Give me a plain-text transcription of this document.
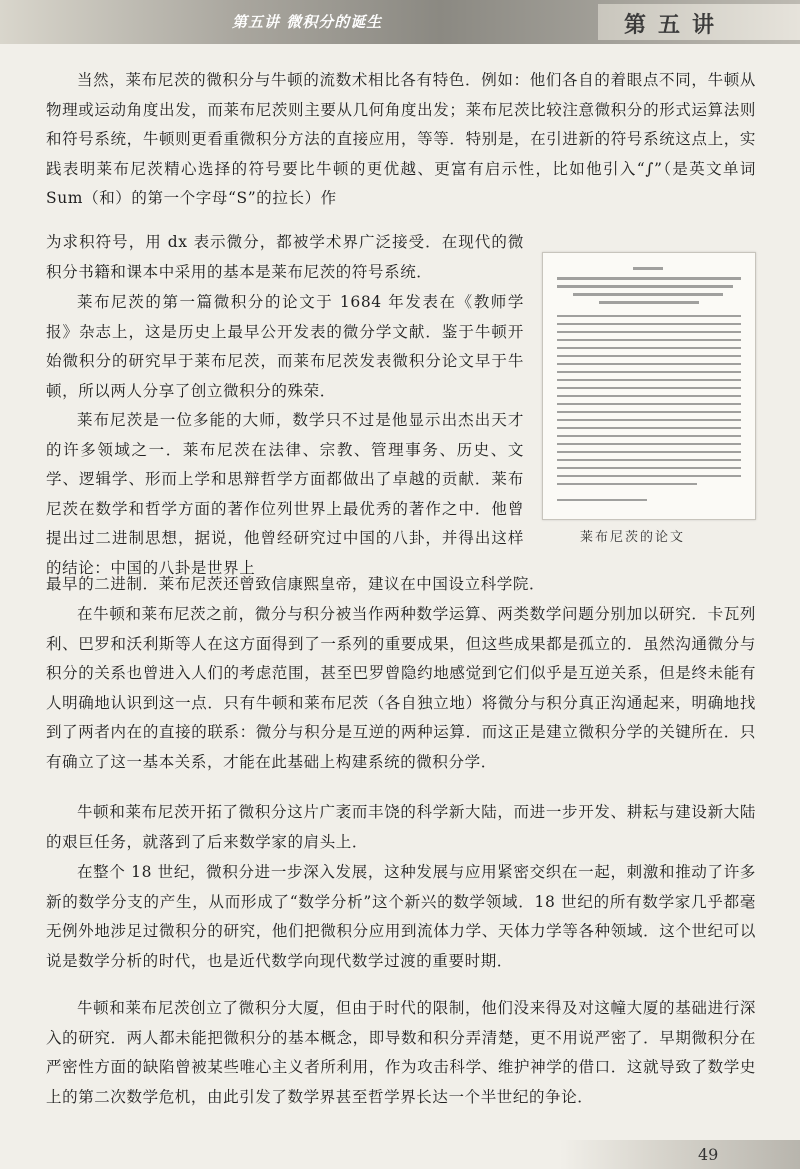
第五讲 微积分的诞生	第五讲

当然，莱布尼茨的微积分与牛顿的流数术相比各有特色．例如：他们各自的着眼点不同，牛顿从物理或运动角度出发，而莱布尼茨则主要从几何角度出发；莱布尼茨比较注意微积分的形式运算法则和符号系统，牛顿则更看重微积分方法的直接应用，等等．特别是，在引进新的符号系统这点上，实践表明莱布尼茨精心选择的符号要比牛顿的更优越、更富有启示性，比如他引入“∫”（是英文单词 Sum（和）的第一个字母“S”的拉长）作

为求积符号，用 dx 表示微分，都被学术界广泛接受．在现代的微积分书籍和课本中采用的基本是莱布尼茨的符号系统．

莱布尼茨的第一篇微积分的论文于 1684 年发表在《教师学报》杂志上，这是历史上最早公开发表的微分学文献．鉴于牛顿开始微积分的研究早于莱布尼茨，而莱布尼茨发表微积分论文早于牛顿，所以两人分享了创立微积分的殊荣．

莱布尼茨是一位多能的大师，数学只不过是他显示出杰出天才的许多领域之一．莱布尼茨在法律、宗教、管理事务、历史、文学、逻辑学、形而上学和思辩哲学方面都做出了卓越的贡献．莱布尼茨在数学和哲学方面的著作位列世界上最优秀的著作之中．他曾提出过二进制思想，据说，他曾经研究过中国的八卦，并得出这样的结论：中国的八卦是世界上

最早的二进制．莱布尼茨还曾致信康熙皇帝，建议在中国设立科学院．

在牛顿和莱布尼茨之前，微分与积分被当作两种数学运算、两类数学问题分别加以研究．卡瓦列利、巴罗和沃利斯等人在这方面得到了一系列的重要成果，但这些成果都是孤立的．虽然沟通微分与积分的关系也曾进入人们的考虑范围，甚至巴罗曾隐约地感觉到它们似乎是互逆关系，但是终未能有人明确地认识到这一点．只有牛顿和莱布尼茨（各自独立地）将微分与积分真正沟通起来，明确地找到了两者内在的直接的联系：微分与积分是互逆的两种运算．而这正是建立微积分学的关键所在．只有确立了这一基本关系，才能在此基础上构建系统的微积分学．

牛顿和莱布尼茨开拓了微积分这片广袤而丰饶的科学新大陆，而进一步开发、耕耘与建设新大陆的艰巨任务，就落到了后来数学家的肩头上．

在整个 18 世纪，微积分进一步深入发展，这种发展与应用紧密交织在一起，刺激和推动了许多新的数学分支的产生，从而形成了“数学分析”这个新兴的数学领域．18 世纪的所有数学家几乎都毫无例外地涉足过微积分的研究，他们把微积分应用到流体力学、天体力学等各种领域．这个世纪可以说是数学分析的时代，也是近代数学向现代数学过渡的重要时期．

牛顿和莱布尼茨创立了微积分大厦，但由于时代的限制，他们没来得及对这幢大厦的基础进行深入的研究．两人都未能把微积分的基本概念，即导数和积分弄清楚，更不用说严密了．早期微积分在严密性方面的缺陷曾被某些唯心主义者所利用，作为攻击科学、维护神学的借口．这就导致了数学史上的第二次数学危机，由此引发了数学界甚至哲学界长达一个半世纪的争论．

莱布尼茨的论文
49
